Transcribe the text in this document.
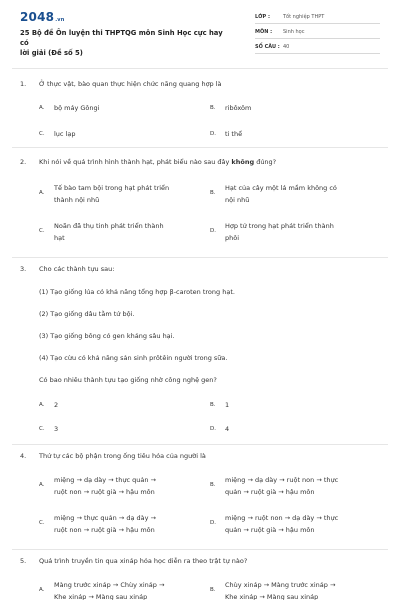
2048.vn
25 Bộ đề Ôn luyện thi THPTQG môn Sinh Học cực hay có
lời giải (Đề số 5)
LỚP :	Tốt nghiệp THPT
MÔN : Sinh học
SỐ CÂU : 40
1. Ở thực vật, bào quan thực hiện chức năng quang hợp là
A. bộ máy Gôngi	B. ribôxôm
C. lục lạp	D. ti thể
2. Khi nói về quá trình hình thành hạt, phát biểu nào sau đây không đúng?
A.
Tế bào tam bội trong hạt phát triển
thành nội nhũ
B.
Hạt của cây một lá mầm không có
nội nhũ
C.
Noãn đã thụ tinh phát triển thành
hạt
D.
Hợp tử trong hạt phát triển thành
phôi
3. Cho các thành tựu sau:
(1) Tạo giống lúa có khả năng tổng hợp β-caroten trong hạt.
(2) Tạo giống dâu tằm tứ bội.
(3) Tạo giống bông có gen kháng sâu hại.
(4) Tạo cừu có khả năng sản sinh prôtêin người trong sữa.
Có bao nhiêu thành tựu tạo giống nhờ công nghệ gen?
A. 2	B. 1
C. 3	D. 4
4. Thứ tự các bộ phận trong ống tiêu hóa của người là
A.
miệng → dạ dày → thực quản →
ruột non → ruột già → hậu môn
B.
miệng → dạ dày → ruột non → thực
quản → ruột già → hậu môn
C.
miệng → thực quản → dạ dày →
ruột non → ruột già → hậu môn
D.
miệng → ruột non → dạ dày → thực
quản → ruột già → hậu môn
5. Quá trình truyền tin qua xináp hóa học diễn ra theo trật tự nào?
A.
Màng trước xináp → Chùy xináp →
Khe xináp → Màng sau xináp
B.
Chùy xináp → Màng trước xináp →
Khe xináp → Màng sau xináp
